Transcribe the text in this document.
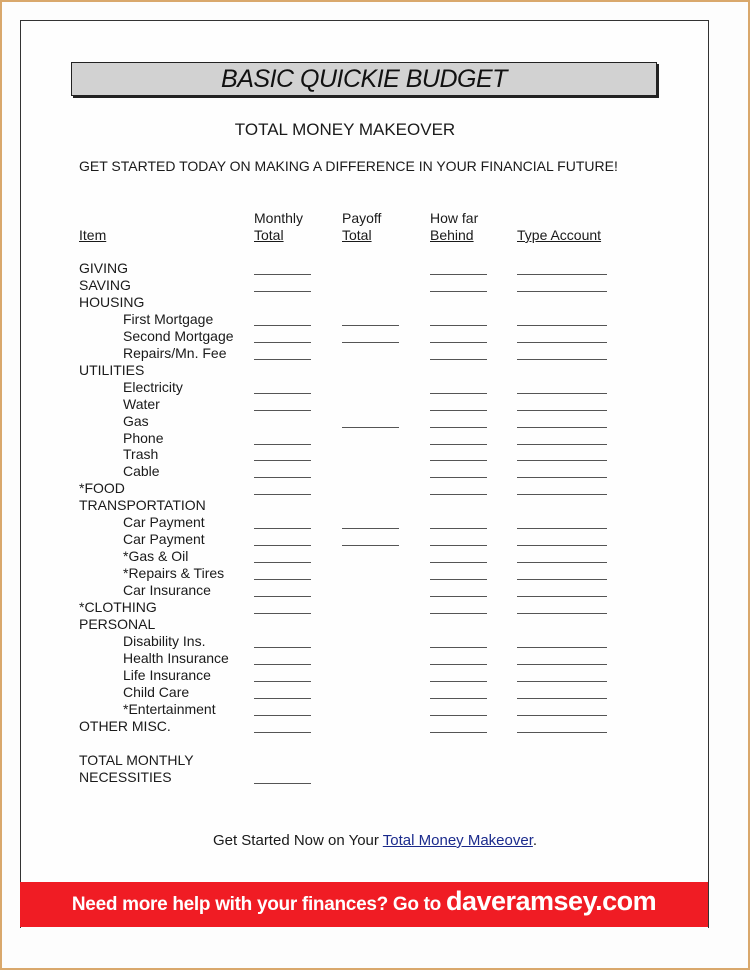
BASIC QUICKIE BUDGET
TOTAL MONEY MAKEOVER
GET STARTED TODAY ON MAKING A DIFFERENCE IN YOUR FINANCIAL FUTURE!
Item
Monthly
Total
Payoff
Total
How far
Behind	Type Account
GIVING
SAVING
HOUSING
First Mortgage
Second Mortgage
Repairs/Mn. Fee
UTILITIES
Electricity
Water
Gas
Phone
Trash
Cable
*FOOD
TRANSPORTATION
Car Payment
Car Payment
*Gas & Oil
*Repairs & Tires
Car Insurance
*CLOTHING
PERSONAL
Disability Ins.
Health Insurance
Life Insurance
Child Care
*Entertainment
OTHER MISC.
TOTAL MONTHLY
NECESSITIES
Get Started Now on Your Total Money Makeover.
Need more help with your finances? Go to daveramsey.com
